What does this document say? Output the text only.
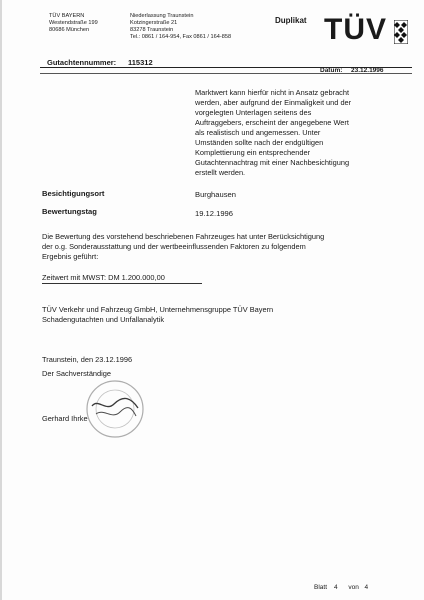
TÜV BAYERN
Westendstraße 199
80686 München
Niederlassung Traunstein
Kotzingerstraße 21
83278 Traunstein
Tel.: 0861 / 164-954, Fax 0861 / 164-858
Duplikat TÜV
Gutachtennummer: 115312
Datum: 23.12.1996
Marktwert kann hierfür nicht in Ansatz gebracht
werden, aber aufgrund der Einmaligkeit und der
vorgelegten Unterlagen seitens des
Auftraggebers, erscheint der angegebene Wert
als realistisch und angemessen. Unter
Umständen sollte nach der endgültigen
Komplettierung ein entsprechender
Gutachtennachtrag mit einer Nachbesichtigung
erstellt werden.
Besichtigungsort	Burghausen
Bewertungstag	19.12.1996
Die Bewertung des vorstehend beschriebenen Fahrzeuges hat unter Berücksichtigung
der o.g. Sonderausstattung und der wertbeeinflussenden Faktoren zu folgendem
Ergebnis geführt:
Zeitwert mit MWST: DM 1.200.000,00
TÜV Verkehr und Fahrzeug GmbH, Unternehmensgruppe TÜV Bayern
Schadengutachten und Unfallanalytik
Traunstein, den 23.12.1996
Der Sachverständige
Gerhard Ihrke
Blatt 4 von 4
